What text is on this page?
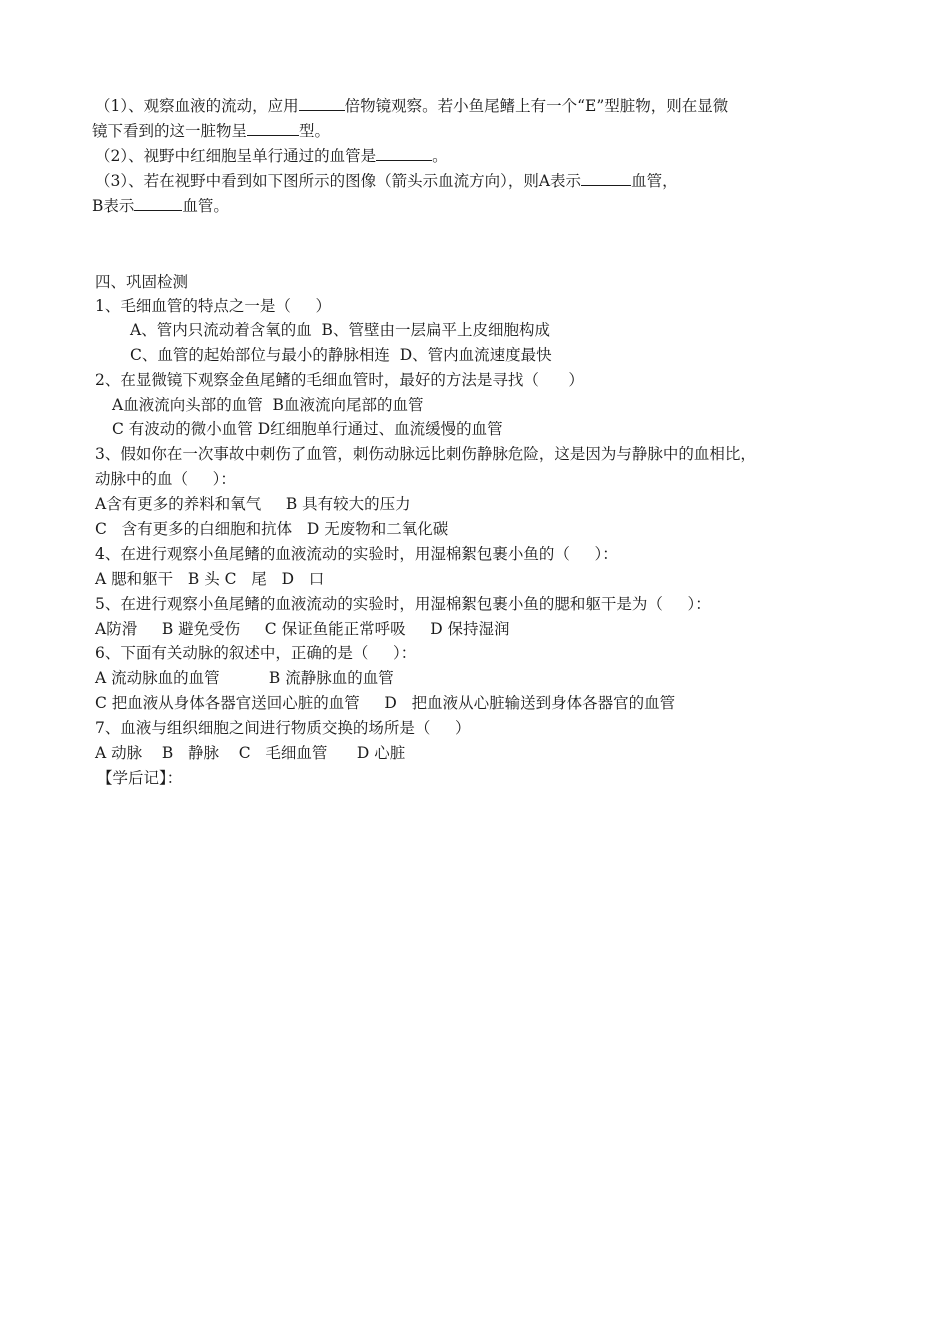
（1）、观察血液的流动，应用	倍物镜观察。若小鱼尾鳍上有一个“E”型脏物，则在显微
镜下看到的这一脏物呈	型。
（2）、视野中红细胞呈单行通过的血管是	。
（3）、若在视野中看到如下图所示的图像（箭头示血流方向），则A表示	血管，
B表示	血管。
四、巩固检测
1、毛细血管的特点之一是（     ）
A、管内只流动着含氧的血  B、管壁由一层扁平上皮细胞构成
C、血管的起始部位与最小的静脉相连  D、管内血流速度最快
2、在显微镜下观察金鱼尾鳍的毛细血管时，最好的方法是寻找（      ）
A血液流向头部的血管  B血液流向尾部的血管
C 有波动的微小血管 D红细胞单行通过、血流缓慢的血管
3、假如你在一次事故中刺伤了血管，刺伤动脉远比刺伤静脉危险，这是因为与静脉中的血相比，
动脉中的血（     ）：
A含有更多的养料和氧气     B 具有较大的压力
C   含有更多的白细胞和抗体   D 无废物和二氧化碳
4、在进行观察小鱼尾鳍的血液流动的实验时，用湿棉絮包裹小鱼的（     ）：
A 腮和躯干   B 头 C   尾   D   口
5、在进行观察小鱼尾鳍的血液流动的实验时，用湿棉絮包裹小鱼的腮和躯干是为（     ）：
A防滑     B 避免受伤     C 保证鱼能正常呼吸     D 保持湿润
6、下面有关动脉的叙述中，正确的是（     ）：
A 流动脉血的血管          B 流静脉血的血管
C 把血液从身体各器官送回心脏的血管     D   把血液从心脏输送到身体各器官的血管
7、血液与组织细胞之间进行物质交换的场所是（     ）
A 动脉    B   静脉    C   毛细血管      D 心脏
【学后记】：
